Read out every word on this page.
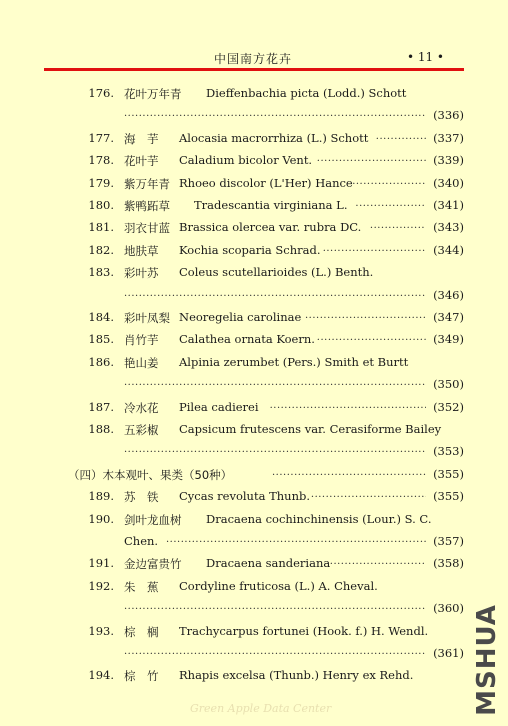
中国南方花卉	• 11 •
176. 花叶万年青 Dieffenbachia picta (Lodd.) Schott
·····
(336)
177. 海　芋 Alocasia macrorrhiza (L.) Schott ·····	(337)
178. 花叶芋 Caladium bicolor Vent. ·····	(339)
179. 紫万年青 Rhoeo discolor (L'Her) Hance ·····	(340)
180. 紫鸭跖草 Tradescantia virginiana L. ·····	(341)
181. 羽衣甘蓝 Brassica olercea var. rubra DC. ·····	(343)
182. 地肤草 Kochia scoparia Schrad. ·····	(344)
183. 彩叶苏 Coleus scutellarioides (L.) Benth.
·····
(346)
184. 彩叶凤梨 Neoregelia carolinae ·····	(347)
185. 肖竹芋 Calathea ornata Koern. ·····	(349)
186. 艳山姜 Alpinia zerumbet (Pers.) Smith et Burtt
·····
(350)
187. 冷水花 Pilea cadierei ·····	(352)
188. 五彩椒 Capsicum frutescens var. Cerasiforme Bailey
·····
(353)
（四）木本观叶、果类（50种） ·····	(355)
189. 苏　铁 Cycas revoluta Thunb. ·····	(355)
190. 剑叶龙血树 Dracaena cochinchinensis (Lour.) S. C.
Chen. ·····	(357)
191. 金边富贵竹 Dracaena sanderiana ·····	(358)
192. 朱　蕉 Cordyline fruticosa (L.) A. Cheval.
·····
(360)
193. 棕　榈 Trachycarpus fortunei (Hook. f.) H. Wendl.
·····
(361)
194. 棕　竹 Rhapis excelsa (Thunb.) Henry ex Rehd.
Green Apple Data Center	MSHUA
